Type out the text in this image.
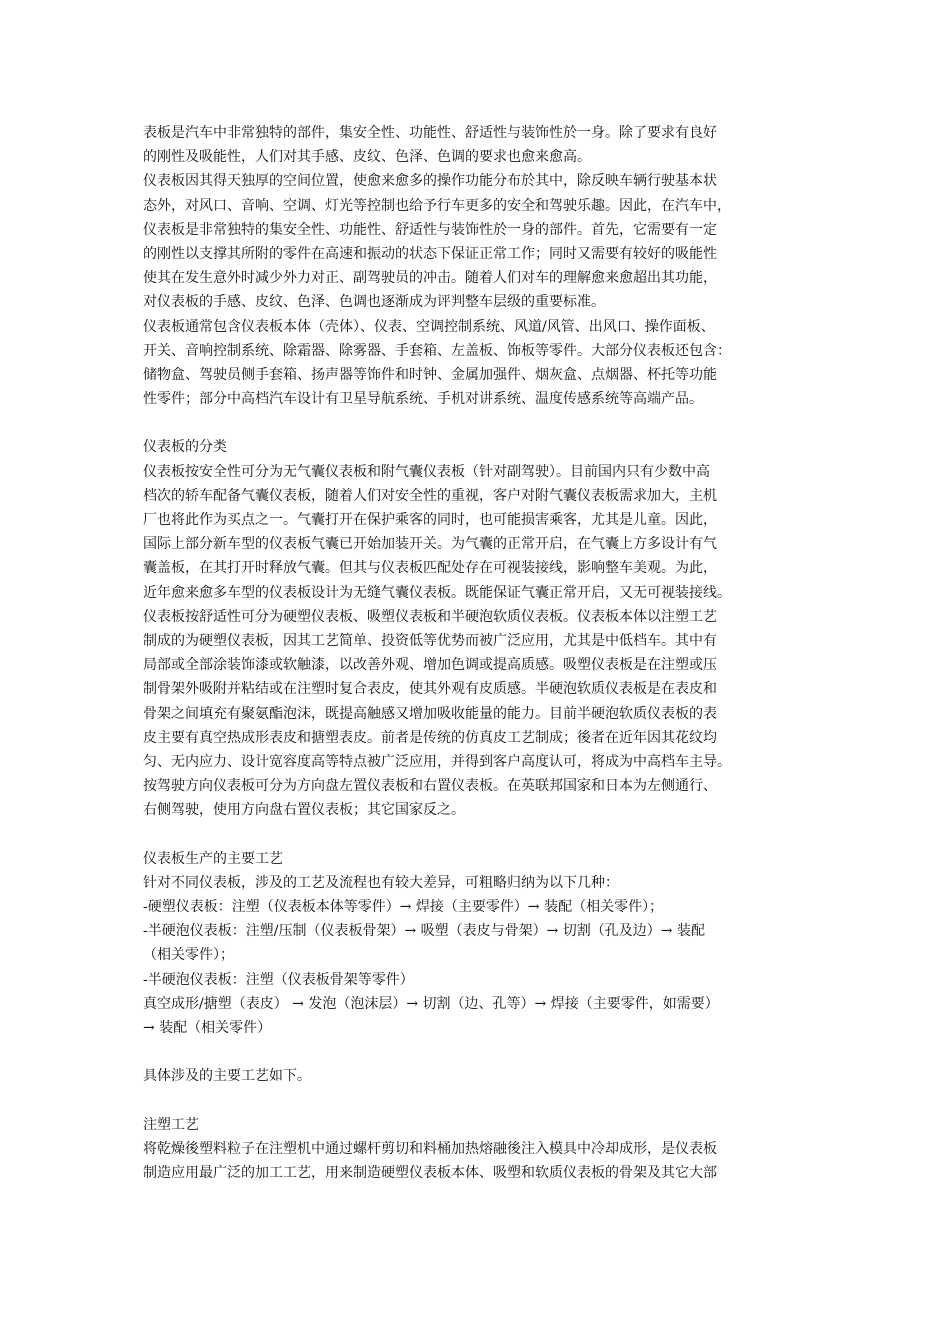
表板是汽车中非常独特的部件，集安全性、功能性、舒适性与装饰性於一身。除了要求有良好
的刚性及吸能性，人们对其手感、皮纹、色泽、色调的要求也愈来愈高。
仪表板因其得天独厚的空间位置，使愈来愈多的操作功能分布於其中，除反映车辆行驶基本状
态外，对风口、音响、空调、灯光等控制也给予行车更多的安全和驾驶乐趣。因此，在汽车中，
仪表板是非常独特的集安全性、功能性、舒适性与装饰性於一身的部件。首先，它需要有一定
的刚性以支撑其所附的零件在高速和振动的状态下保证正常工作；同时又需要有较好的吸能性
使其在发生意外时减少外力对正、副驾驶员的冲击。随着人们对车的理解愈来愈超出其功能，
对仪表板的手感、皮纹、色泽、色调也逐渐成为评判整车层级的重要标准。
仪表板通常包含仪表板本体（壳体）、仪表、空调控制系统、风道/风管、出风口、操作面板、
开关、音响控制系统、除霜器、除雾器、手套箱、左盖板、饰板等零件。大部分仪表板还包含：
储物盒、驾驶员侧手套箱、扬声器等饰件和时钟、金属加强件、烟灰盒、点烟器、杯托等功能
性零件；部分中高档汽车设计有卫星导航系统、手机对讲系统、温度传感系统等高端产品。
仪表板的分类
仪表板按安全性可分为无气囊仪表板和附气囊仪表板（针对副驾驶）。目前国内只有少数中高
档次的轿车配备气囊仪表板，随着人们对安全性的重视，客户对附气囊仪表板需求加大，主机
厂也将此作为买点之一。气囊打开在保护乘客的同时，也可能损害乘客，尤其是儿童。因此，
国际上部分新车型的仪表板气囊已开始加装开关。为气囊的正常开启，在气囊上方多设计有气
囊盖板，在其打开时释放气囊。但其与仪表板匹配处存在可视装接线，影响整车美观。为此，
近年愈来愈多车型的仪表板设计为无缝气囊仪表板。既能保证气囊正常开启，又无可视装接线。
仪表板按舒适性可分为硬塑仪表板、吸塑仪表板和半硬泡软质仪表板。仪表板本体以注塑工艺
制成的为硬塑仪表板，因其工艺简单、投资低等优势而被广泛应用，尤其是中低档车。其中有
局部或全部涂装饰漆或软触漆，以改善外观、增加色调或提高质感。吸塑仪表板是在注塑或压
制骨架外吸附并粘结或在注塑时复合表皮，使其外观有皮质感。半硬泡软质仪表板是在表皮和
骨架之间填充有聚氨酯泡沫，既提高触感又增加吸收能量的能力。目前半硬泡软质仪表板的表
皮主要有真空热成形表皮和搪塑表皮。前者是传统的仿真皮工艺制成；後者在近年因其花纹均
匀、无内应力、设计宽容度高等特点被广泛应用，并得到客户高度认可，将成为中高档车主导。
按驾驶方向仪表板可分为方向盘左置仪表板和右置仪表板。在英联邦国家和日本为左侧通行、
右侧驾驶，使用方向盘右置仪表板；其它国家反之。
仪表板生产的主要工艺
针对不同仪表板，涉及的工艺及流程也有较大差异，可粗略归纳为以下几种：
-硬塑仪表板：注塑（仪表板本体等零件）→ 焊接（主要零件）→ 装配（相关零件）；
-半硬泡仪表板：注塑/压制（仪表板骨架）→ 吸塑（表皮与骨架）→ 切割（孔及边）→ 装配
（相关零件）；
-半硬泡仪表板：注塑（仪表板骨架等零件）
真空成形/搪塑（表皮） → 发泡（泡沫层）→ 切割（边、孔等）→ 焊接（主要零件，如需要）
→ 装配（相关零件）
具体涉及的主要工艺如下。
注塑工艺
将乾燥後塑料粒子在注塑机中通过螺杆剪切和料桶加热熔融後注入模具中冷却成形，是仪表板
制造应用最广泛的加工工艺，用来制造硬塑仪表板本体、吸塑和软质仪表板的骨架及其它大部
